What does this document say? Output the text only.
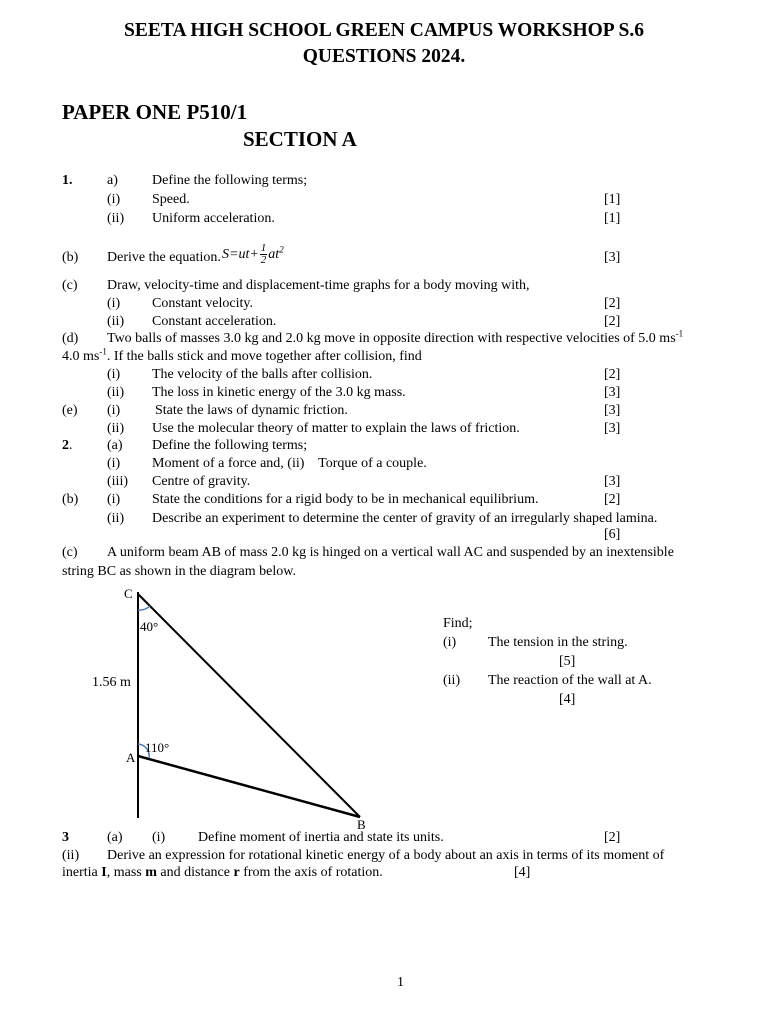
SEETA HIGH SCHOOL GREEN CAMPUS WORKSHOP S.6
QUESTIONS 2024.
PAPER ONE P510/1
SECTION A
1. a) Define the following terms;
(i) Speed.	[1]
(ii) Uniform acceleration.	[1]
(b) Derive the equation. $S=ut+ \frac{1}{2} at^2$
[3]
(c) Draw, velocity-time and displacement-time graphs for a body moving with,
(i) Constant velocity.	[2]
(ii) Constant acceleration.	[2]
(d) Two balls of masses 3.0 kg and 2.0 kg move in opposite direction with respective velocities of 5.0 $ms^{-1}$
4.0 $ms^{-1}$. If the balls stick and move together after collision, find
(i) The velocity of the balls after collision.	[2]
(ii) The loss in kinetic energy of the 3.0 kg mass.	[3]
(e) (i) State the laws of dynamic friction.	[3]
(ii) Use the molecular theory of matter to explain the laws of friction.	[3]
2. (a) Define the following terms;
(i) Moment of a force and, (ii)    Torque of a couple.
(iii) Centre of gravity.	[3]
(b) (i) State the conditions for a rigid body to be in mechanical equilibrium.	[2]
(ii) Describe an experiment to determine the center of gravity of an irregularly shaped lamina.
[6]
(c) A uniform beam AB of mass 2.0 kg is hinged on a vertical wall AC and suspended by an inextensible
string BC as shown in the diagram below.
C
A
B
40°
110°
1.56 m
Find;
(i) The tension in the string.
[5]
(ii) The reaction of the wall at A.
[4]
3	(a) (i) Define moment of inertia and state its units.	[2]
(ii) Derive an expression for rotational kinetic energy of a body about an axis in terms of its moment of
inertia I, mass m and distance r from the axis of rotation.	[4]
1
